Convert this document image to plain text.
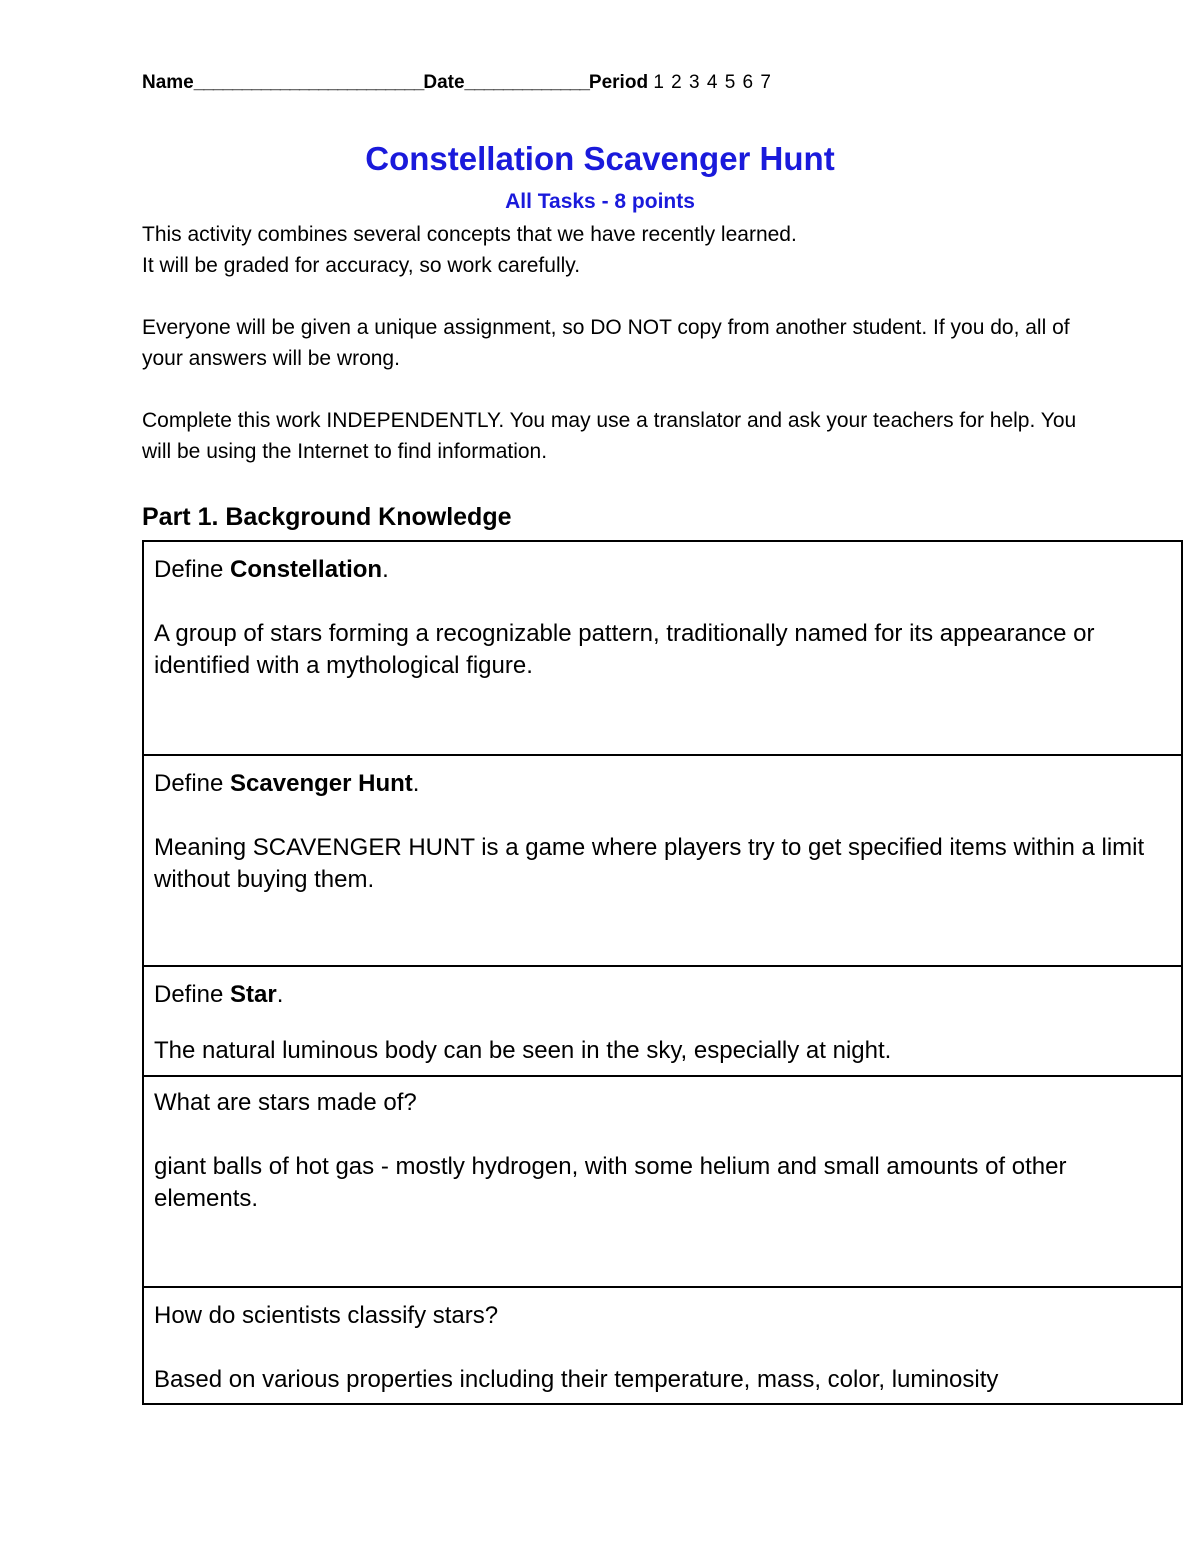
Name________________________Date_____________Period 1 2 3 4 5 6 7
Constellation Scavenger Hunt
All Tasks - 8 points

This activity combines several concepts that we have recently learned.
It will be graded for accuracy, so work carefully.

Everyone will be given a unique assignment, so DO NOT copy from another student. If you do, all of your answers will be wrong.

Complete this work INDEPENDENTLY. You may use a translator and ask your teachers for help. You will be using the Internet to find information.

Part 1. Background Knowledge

Define Constellation.

A group of stars forming a recognizable pattern, traditionally named for its appearance or identified with a mythological figure.

Define Scavenger Hunt.

Meaning SCAVENGER HUNT is a game where players try to get specified items within a limit without buying them.

Define Star.

The natural luminous body can be seen in the sky, especially at night.

What are stars made of?

giant balls of hot gas - mostly hydrogen, with some helium and small amounts of other elements.

How do scientists classify stars?

Based on various properties including their temperature, mass, color, luminosity
